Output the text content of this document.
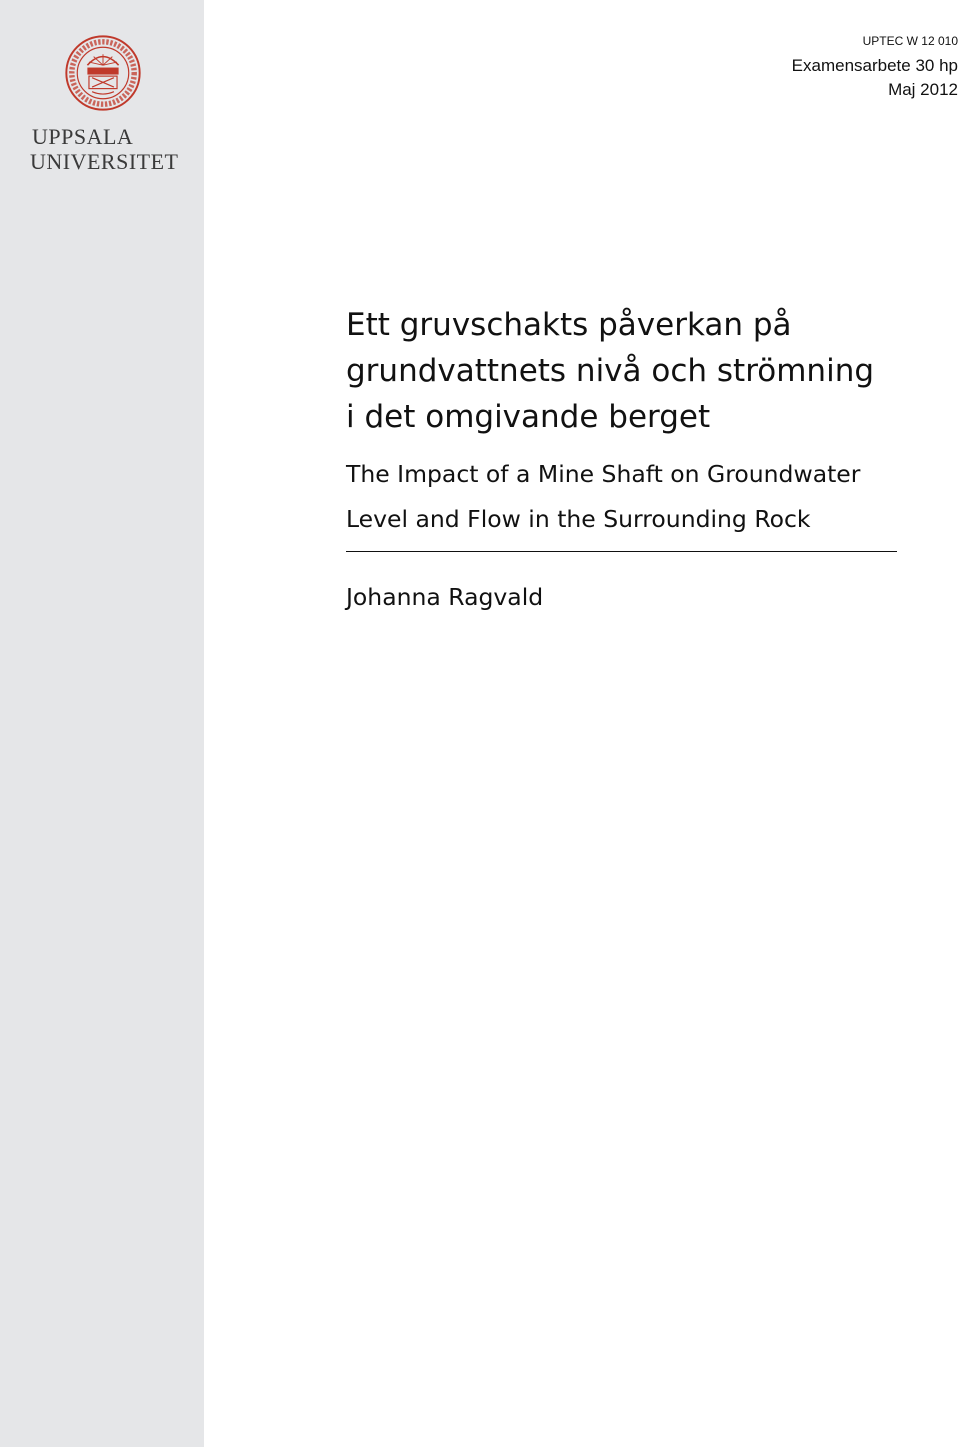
UPPSALA
UNIVERSITET
UPTEC W 12 010
Examensarbete 30 hp
Maj 2012
Ett gruvschakts påverkan på
grundvattnets nivå och strömning
i det omgivande berget
The Impact of a Mine Shaft on Groundwater
Level and Flow in the Surrounding Rock
Johanna Ragvald
